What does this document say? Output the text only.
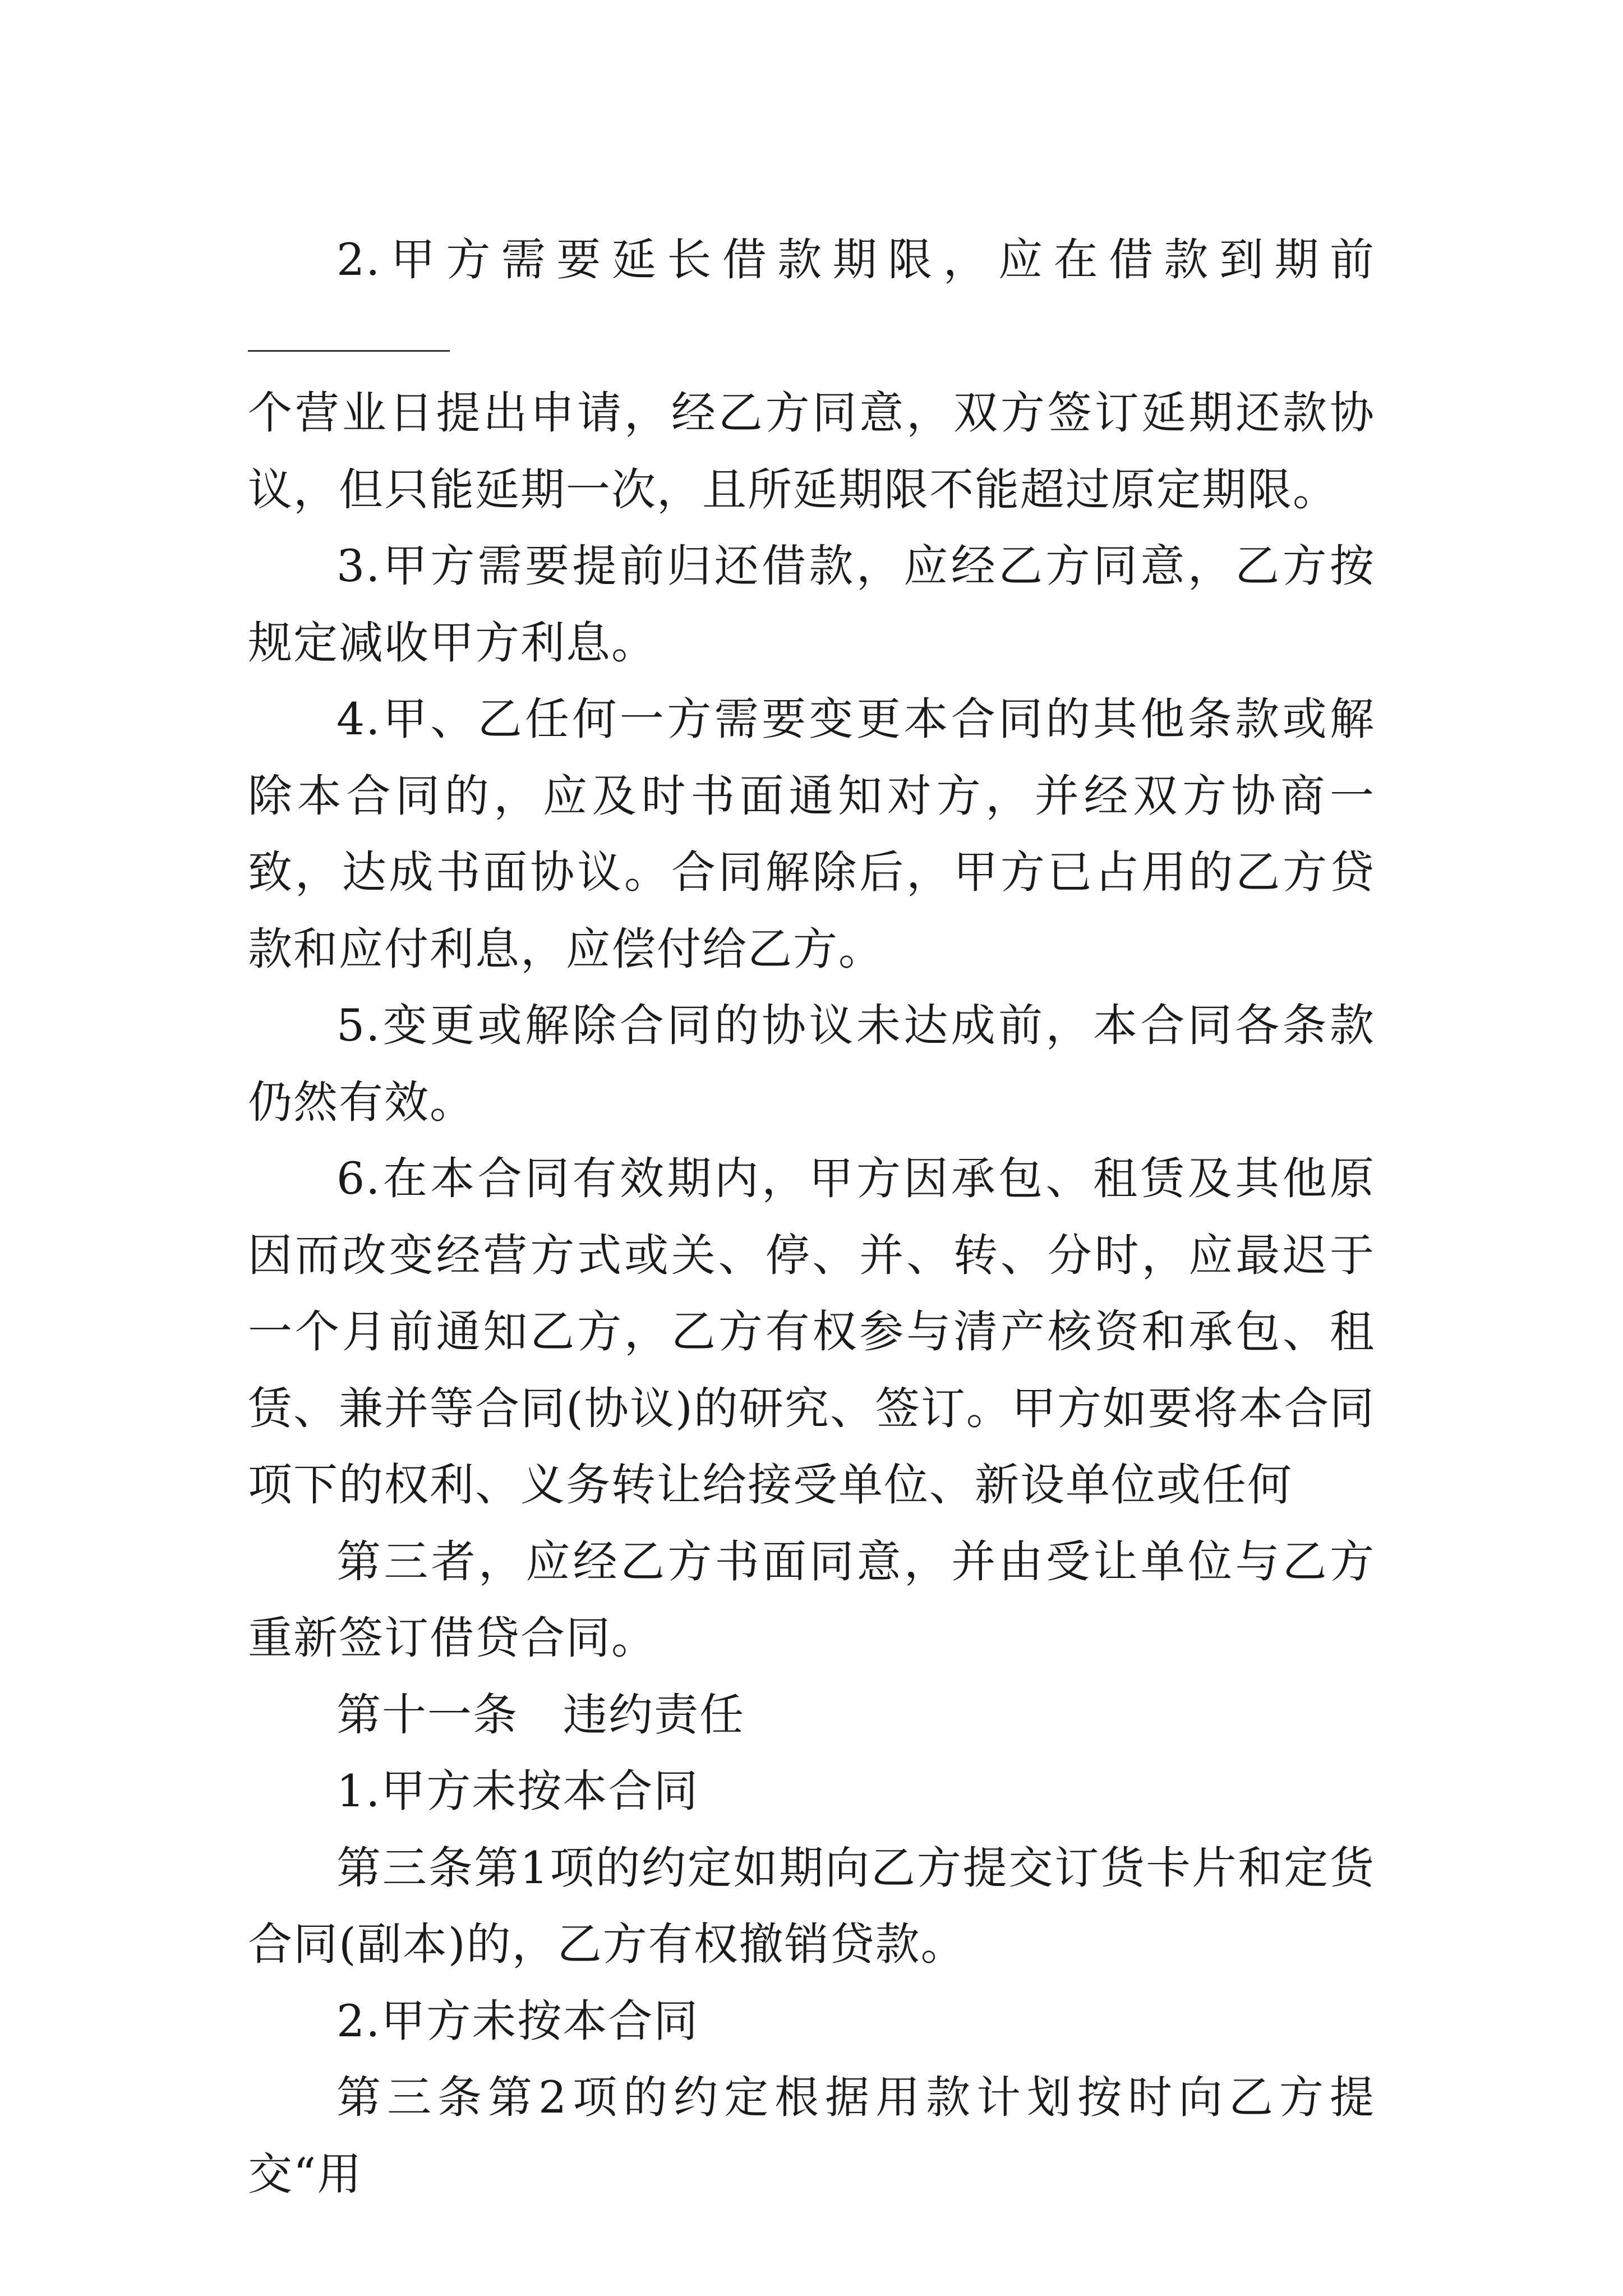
2.甲方需要延长借款期限，应在借款到期前

个营业日提出申请，经乙方同意，双方签订延期还款协议，但只能延期一次，且所延期限不能超过原定期限。

3.甲方需要提前归还借款，应经乙方同意，乙方按规定减收甲方利息。

4.甲、乙任何一方需要变更本合同的其他条款或解除本合同的，应及时书面通知对方，并经双方协商一致，达成书面协议。合同解除后，甲方已占用的乙方贷款和应付利息，应偿付给乙方。

5.变更或解除合同的协议未达成前，本合同各条款仍然有效。

6.在本合同有效期内，甲方因承包、租赁及其他原因而改变经营方式或关、停、并、转、分时，应最迟于一个月前通知乙方，乙方有权参与清产核资和承包、租赁、兼并等合同(协议)的研究、签订。甲方如要将本合同项下的权利、义务转让给接受单位、新设单位或任何

第三者，应经乙方书面同意，并由受让单位与乙方重新签订借贷合同。

第十一条 违约责任

1.甲方未按本合同

第三条第1项的约定如期向乙方提交订货卡片和定货合同(副本)的，乙方有权撤销贷款。

2.甲方未按本合同

第三条第2项的约定根据用款计划按时向乙方提交“用
